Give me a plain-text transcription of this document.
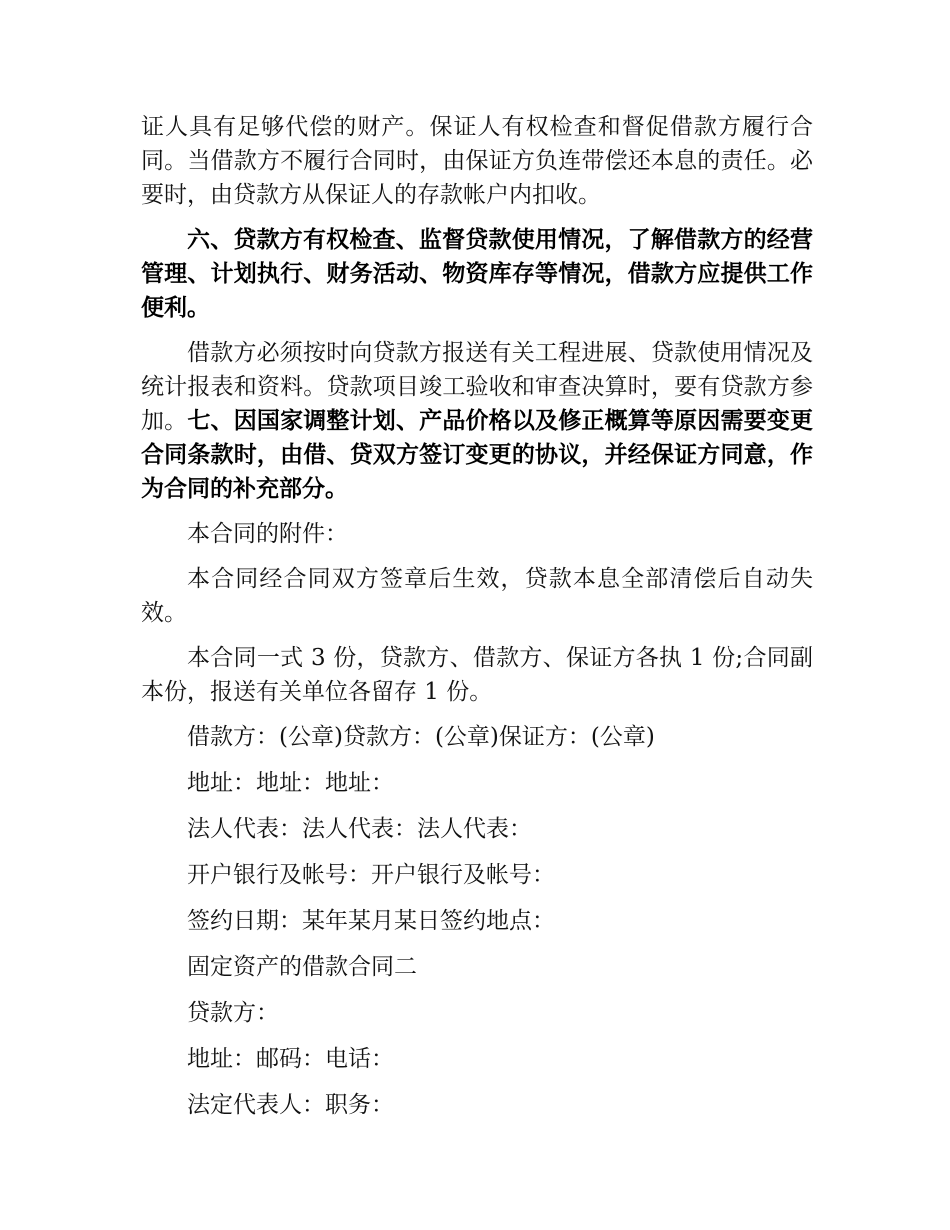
证人具有足够代偿的财产。保证人有权检查和督促借款方履行合同。当借款方不履行合同时，由保证方负连带偿还本息的责任。必要时，由贷款方从保证人的存款帐户内扣收。

六、贷款方有权检查、监督贷款使用情况，了解借款方的经营管理、计划执行、财务活动、物资库存等情况，借款方应提供工作便利。

借款方必须按时向贷款方报送有关工程进展、贷款使用情况及统计报表和资料。贷款项目竣工验收和审查决算时，要有贷款方参加。七、因国家调整计划、产品价格以及修正概算等原因需要变更合同条款时，由借、贷双方签订变更的协议，并经保证方同意，作为合同的补充部分。

本合同的附件：

本合同经合同双方签章后生效，贷款本息全部清偿后自动失效。

本合同一式 3 份，贷款方、借款方、保证方各执 1 份;合同副本份，报送有关单位各留存 1 份。

借款方：(公章)贷款方：(公章)保证方：(公章)
地址：地址：地址：
法人代表：法人代表：法人代表：
开户银行及帐号：开户银行及帐号：
签约日期：某年某月某日签约地点：
固定资产的借款合同二
贷款方：
地址：邮码：电话：
法定代表人：职务：
